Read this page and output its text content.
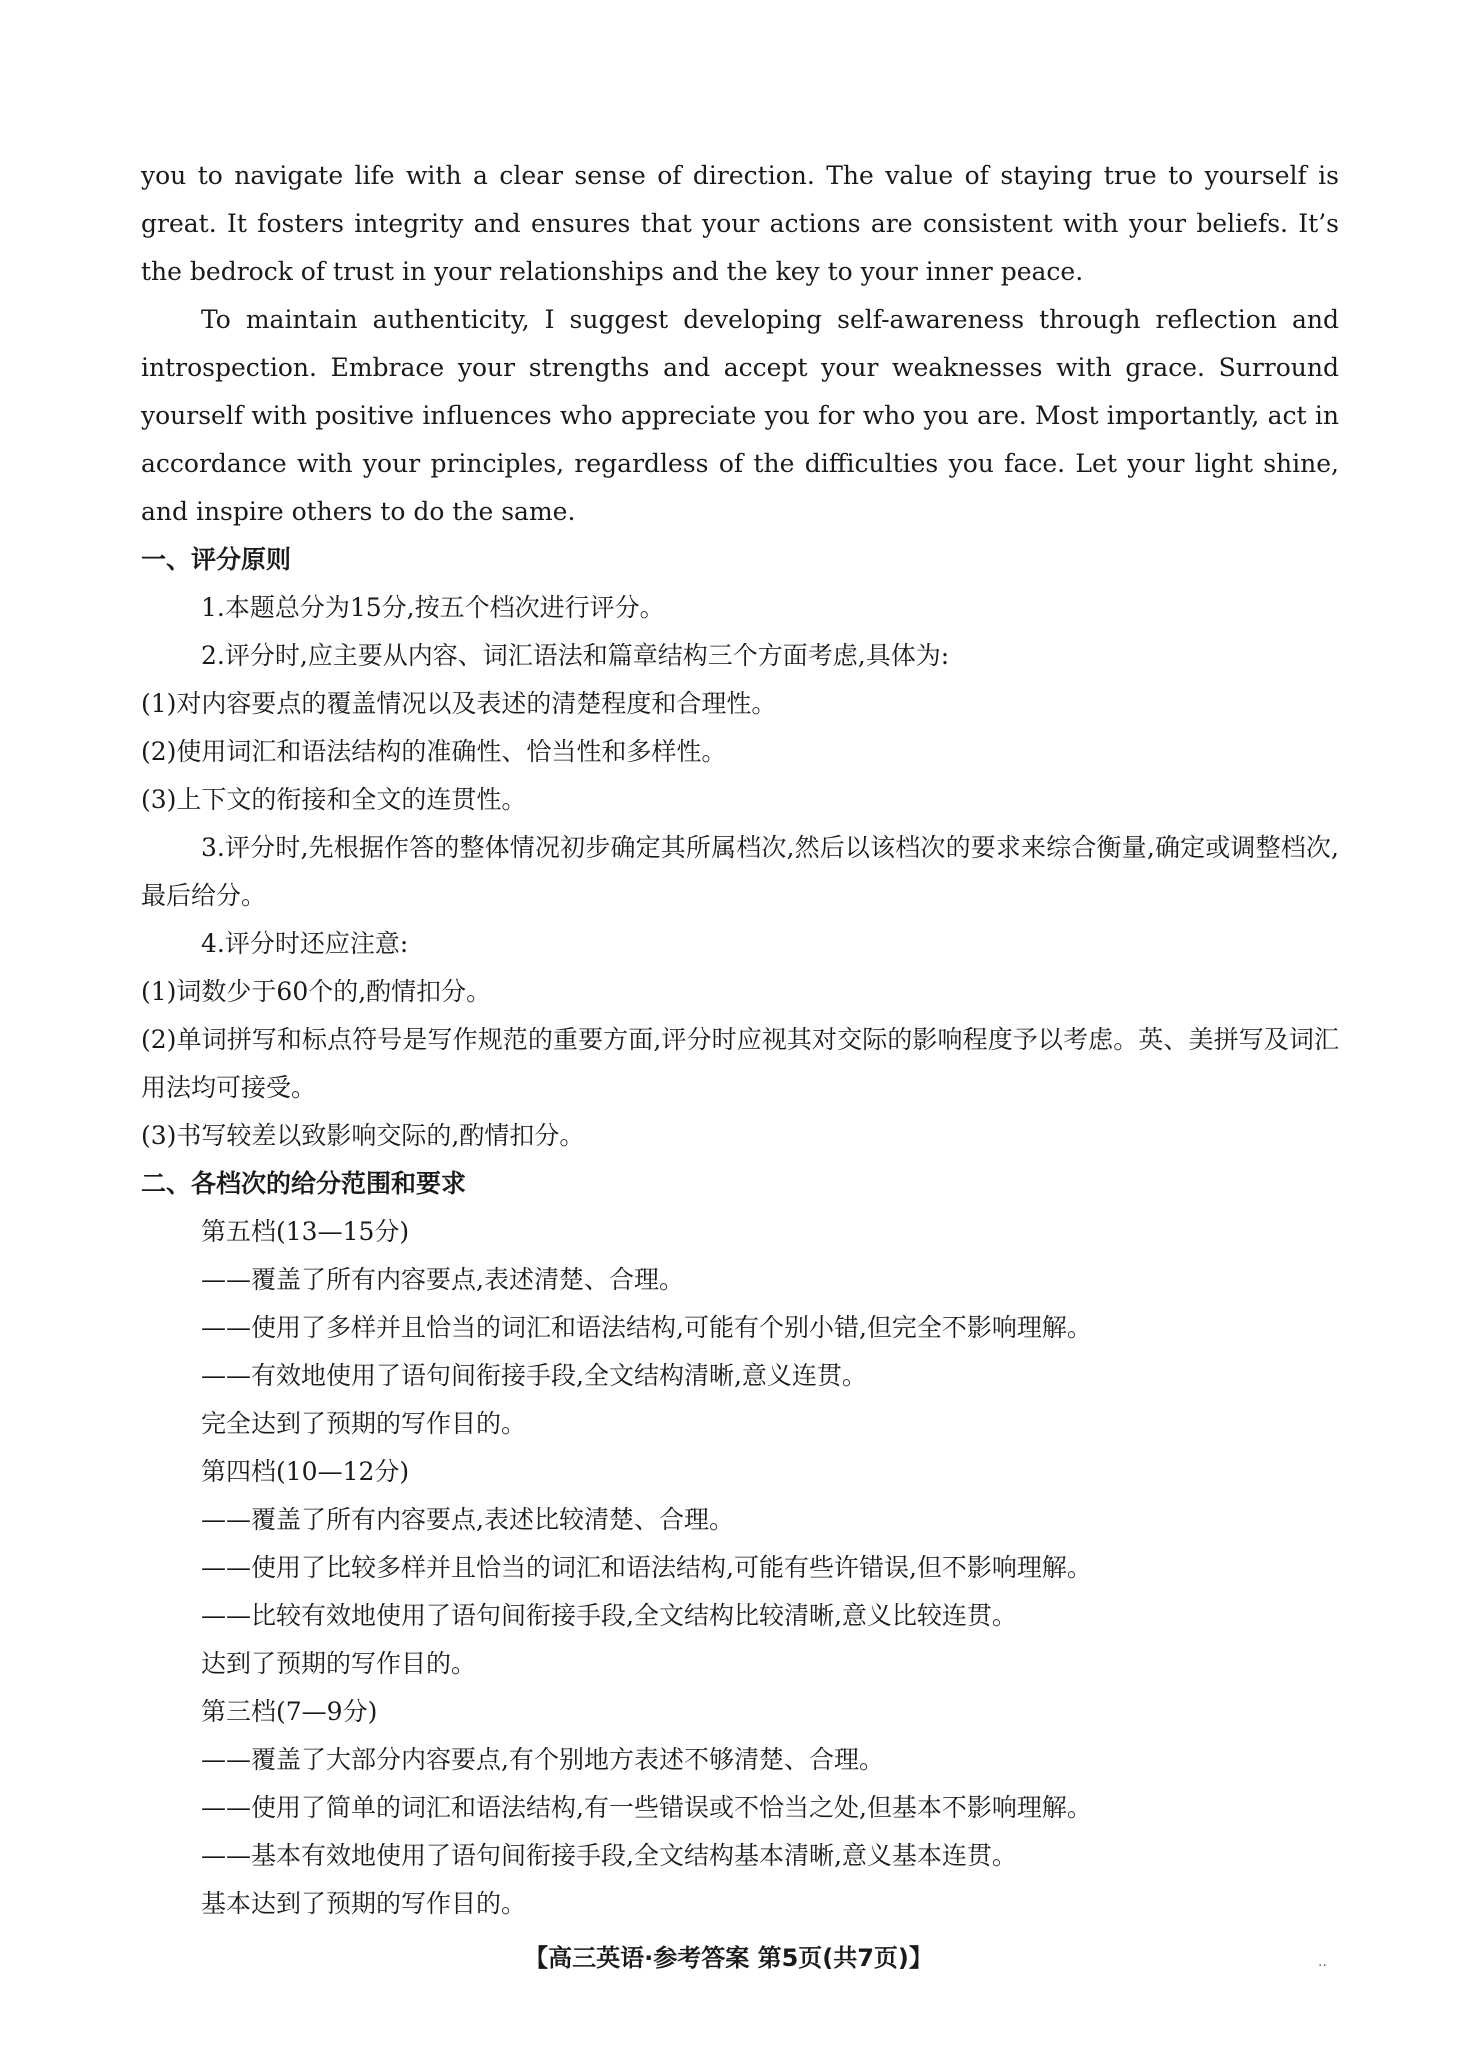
you to navigate life with a clear sense of direction. The value of staying true to yourself is great. It fosters integrity and ensures that your actions are consistent with your beliefs. It’s the bedrock of trust in your relationships and the key to your inner peace.

To maintain authenticity, I suggest developing self-awareness through reflection and introspection. Embrace your strengths and accept your weaknesses with grace. Surround yourself with positive influences who appreciate you for who you are. Most importantly, act in accordance with your principles, regardless of the difficulties you face. Let your light shine, and inspire others to do the same.

一、评分原则

1.本题总分为15分,按五个档次进行评分。

2.评分时,应主要从内容、词汇语法和篇章结构三个方面考虑,具体为:

(1)对内容要点的覆盖情况以及表述的清楚程度和合理性。

(2)使用词汇和语法结构的准确性、恰当性和多样性。

(3)上下文的衔接和全文的连贯性。

3.评分时,先根据作答的整体情况初步确定其所属档次,然后以该档次的要求来综合衡量,确定或调整档次,最后给分。

4.评分时还应注意:

(1)词数少于60个的,酌情扣分。

(2)单词拼写和标点符号是写作规范的重要方面,评分时应视其对交际的影响程度予以考虑。英、美拼写及词汇用法均可接受。

(3)书写较差以致影响交际的,酌情扣分。

二、各档次的给分范围和要求

第五档(13—15分)

——覆盖了所有内容要点,表述清楚、合理。

——使用了多样并且恰当的词汇和语法结构,可能有个别小错,但完全不影响理解。

——有效地使用了语句间衔接手段,全文结构清晰,意义连贯。

完全达到了预期的写作目的。

第四档(10—12分)

——覆盖了所有内容要点,表述比较清楚、合理。

——使用了比较多样并且恰当的词汇和语法结构,可能有些许错误,但不影响理解。

——比较有效地使用了语句间衔接手段,全文结构比较清晰,意义比较连贯。

达到了预期的写作目的。

第三档(7—9分)

——覆盖了大部分内容要点,有个别地方表述不够清楚、合理。

——使用了简单的词汇和语法结构,有一些错误或不恰当之处,但基本不影响理解。

——基本有效地使用了语句间衔接手段,全文结构基本清晰,意义基本连贯。

基本达到了预期的写作目的。

【高三英语·参考答案 第5页(共7页)】	··
